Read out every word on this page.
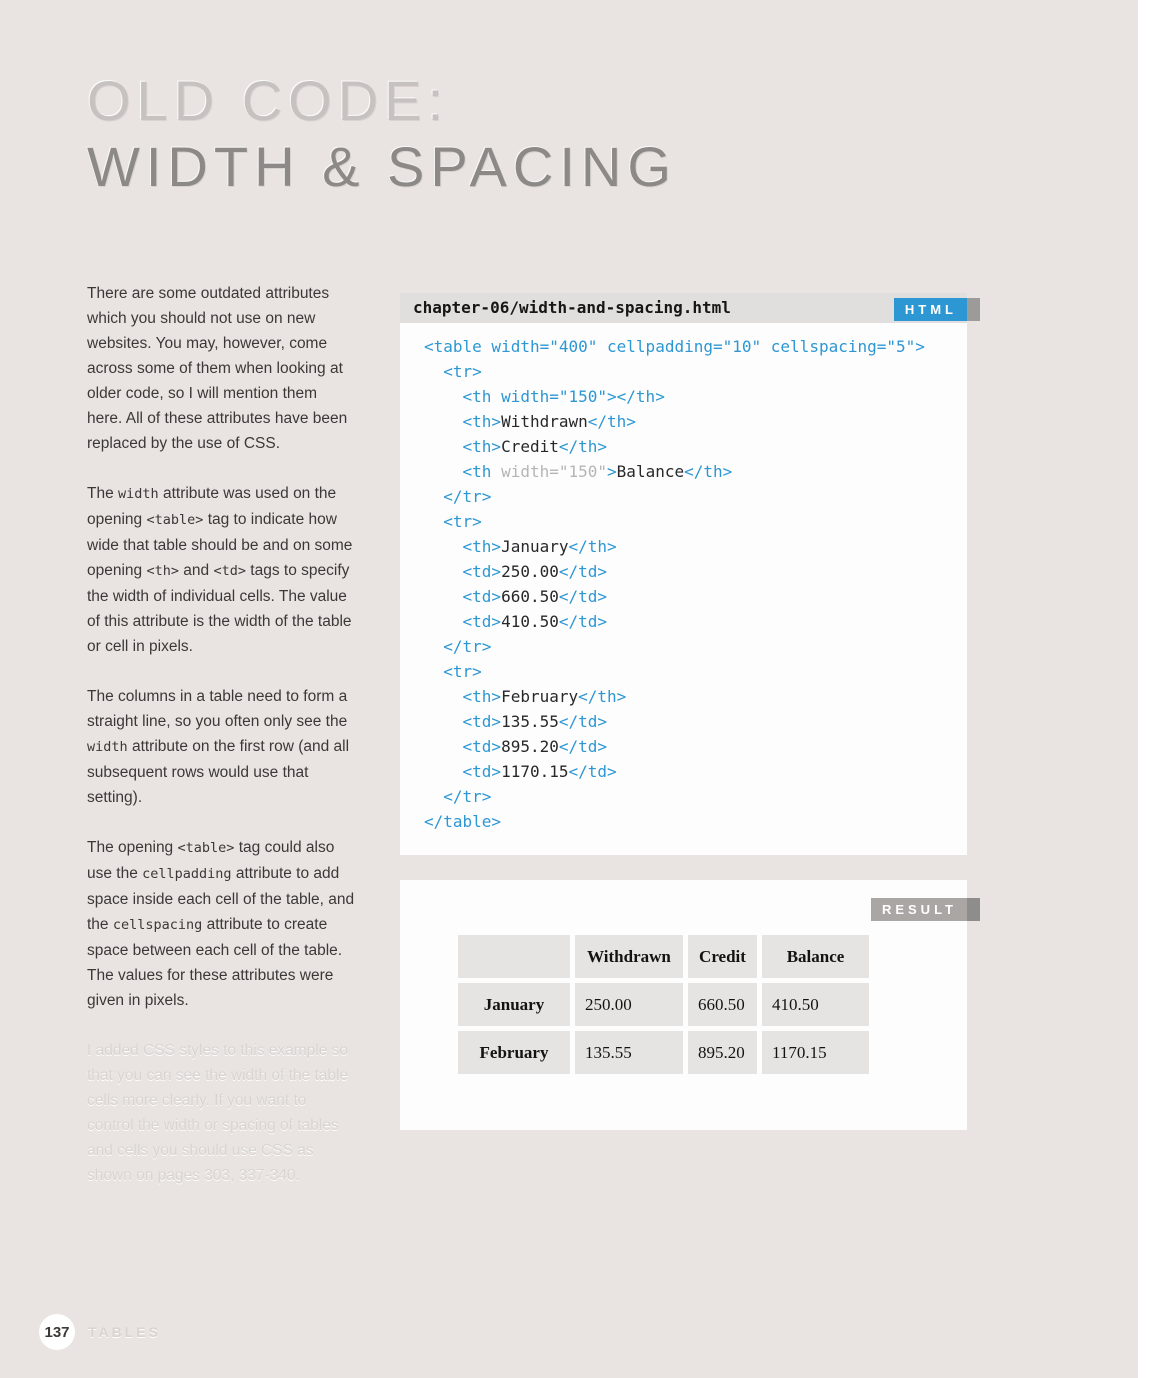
OLD CODE:
WIDTH & SPACING

There are some outdated attributes which you should not use on new websites. You may, however, come across some of them when looking at older code, so I will mention them here. All of these attributes have been replaced by the use of CSS.

The width attribute was used on the opening <table> tag to indicate how wide that table should be and on some opening <th> and <td> tags to specify the width of individual cells. The value of this attribute is the width of the table or cell in pixels.

The columns in a table need to form a straight line, so you often only see the width attribute on the first row (and all subsequent rows would use that setting).

The opening <table> tag could also use the cellpadding attribute to add space inside each cell of the table, and the cellspacing attribute to create space between each cell of the table. The values for these attributes were given in pixels.

I added CSS styles to this example so that you can see the width of the table cells more clearly. If you want to control the width or spacing of tables and cells you should use CSS as shown on pages 303, 337-340.

chapter-06/width-and-spacing.html	HTML
<table width="400" cellpadding="10" cellspacing="5">
<tr>
<th width="150"></th>
<th>Withdrawn</th>
<th>Credit</th>
<th width="150">Balance</th>
</tr>
<tr>
<th>January</th>
<td>250.00</td>
<td>660.50</td>
<td>410.50</td>
</tr>
<tr>
<th>February</th>
<td>135.55</td>
<td>895.20</td>
<td>1170.15</td>
</tr>
</table>
RESULT
	Withdrawn	Credit	Balance
January	250.00	660.50	410.50
February	135.55	895.20	1170.15
137 TABLES
